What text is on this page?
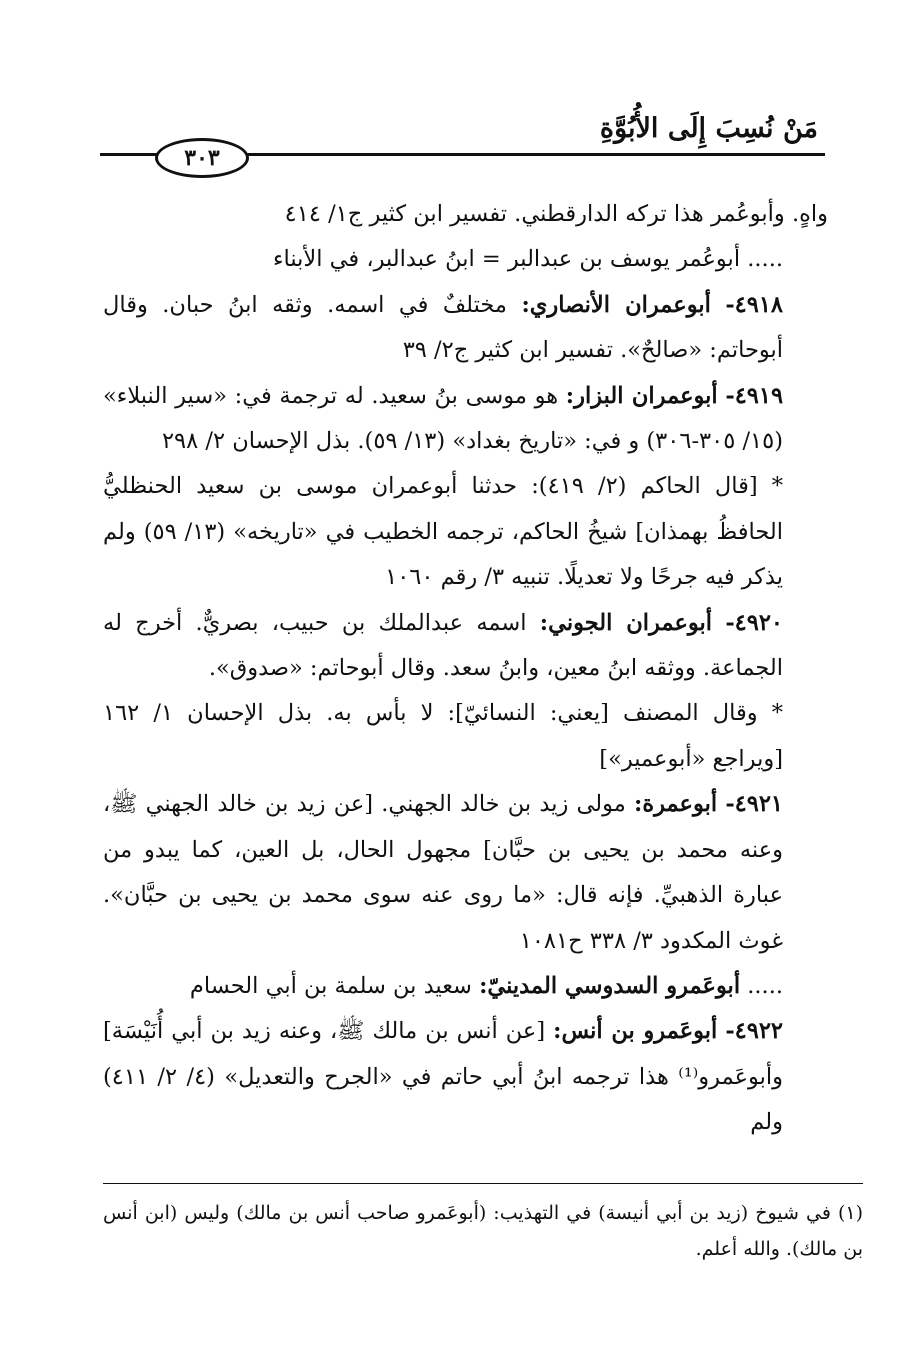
مَنْ نُسِبَ إِلَى الأُبُوَّةِ
٣٠٣

واهٍ. وأبوعُمر هذا تركه الدارقطني. تفسير ابن كثير ج١/ ٤١٤

..... أبوعُمر يوسف بن عبدالبر = ابنُ عبدالبر، في الأبناء

٤٩١٨- أبوعمران الأنصاري: مختلفٌ في اسمه. وثقه ابنُ حبان. وقال أبوحاتم: «صالحٌ». تفسير ابن كثير ج٢/ ٣٩

٤٩١٩- أبوعمران البزار: هو موسى بنُ سعيد. له ترجمة في: «سير النبلاء» (١٥/ ٣٠٥-٣٠٦) و في: «تاريخ بغداد» (١٣/ ٥٩). بذل الإحسان ٢/ ٢٩٨

* [قال الحاكم (٢/ ٤١٩): حدثنا أبوعمران موسى بن سعيد الحنظليُّ الحافظُ بهمذان] شيخُ الحاكم، ترجمه الخطيب في «تاريخه» (١٣/ ٥٩) ولم يذكر فيه جرحًا ولا تعديلًا. تنبيه ٣/ رقم ١٠٦٠

٤٩٢٠- أبوعمران الجوني: اسمه عبدالملك بن حبيب، بصريٌّ. أخرج له الجماعة. ووثقه ابنُ معين، وابنُ سعد. وقال أبوحاتم: «صدوق».

* وقال المصنف [يعني: النسائيّ]: لا بأس به. بذل الإحسان ١/ ١٦٢ [ويراجع «أبوعمير»]

٤٩٢١- أبوعمرة: مولى زيد بن خالد الجهني. [عن زيد بن خالد الجهني ﷺ، وعنه محمد بن يحيى بن حبَّان] مجهول الحال، بل العين، كما يبدو من عبارة الذهبيِّ. فإنه قال: «ما روى عنه سوى محمد بن يحيى بن حبَّان». غوث المكدود ٣/ ٣٣٨ ح١٠٨١

..... أبوعَمرو السدوسي المدينيّ: سعيد بن سلمة بن أبي الحسام

٤٩٢٢- أبوعَمرو بن أنس: [عن أنس بن مالك ﷺ، وعنه زيد بن أبي أُنَيْسَة] وأبوعَمرو⁽¹⁾ هذا ترجمه ابنُ أبي حاتم في «الجرح والتعديل» (٤/ ٢/ ٤١١) ولم

(١) في شيوخ (زيد بن أبي أنيسة) في التهذيب: (أبوعَمرو صاحب أنس بن مالك) وليس (ابن أنس بن مالك). والله أعلم.
